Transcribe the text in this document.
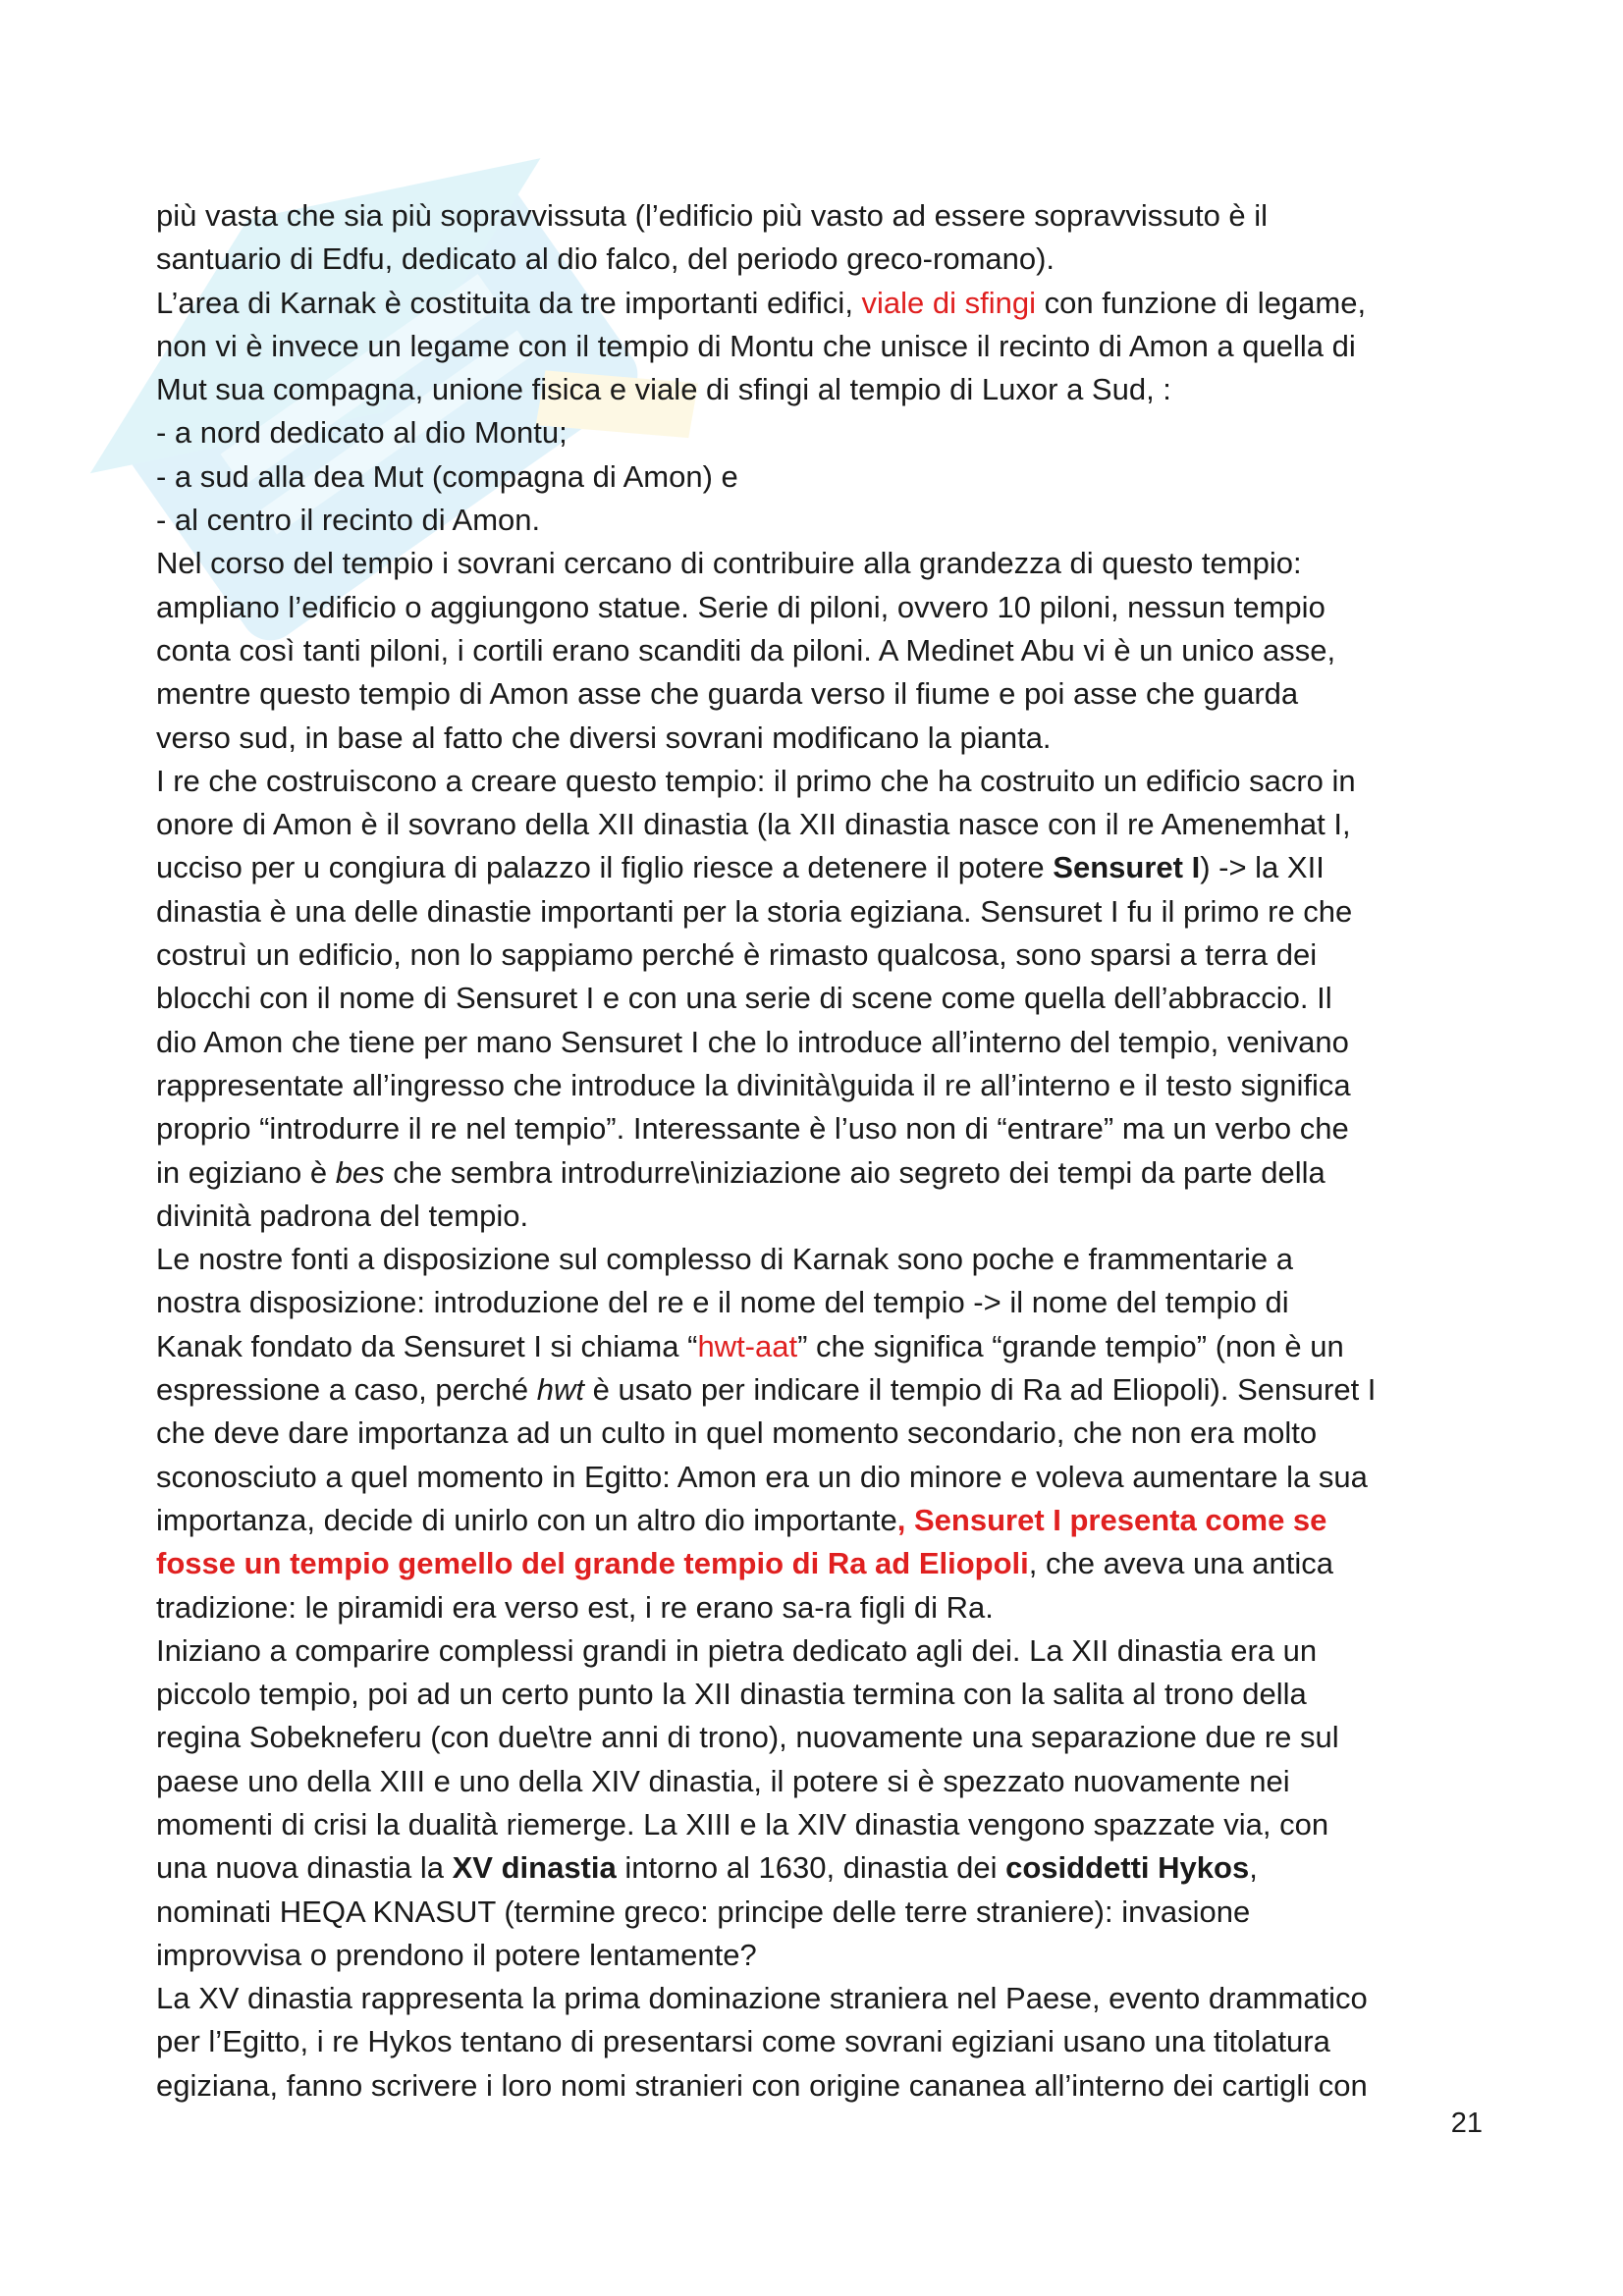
più vasta che sia più sopravvissuta (l’edificio più vasto ad essere sopravvissuto è il
santuario di Edfu, dedicato al dio falco, del periodo greco-romano).
L’area di Karnak è costituita da tre importanti edifici, viale di sfingi con funzione di legame,
non vi è invece un legame con il tempio di Montu che unisce il recinto di Amon a quella di
Mut sua compagna, unione fisica e viale di sfingi al tempio di Luxor a Sud, :
- a nord dedicato al dio Montu;
- a sud alla dea Mut (compagna di Amon) e
- al centro il recinto di Amon.
Nel corso del tempio i sovrani cercano di contribuire alla grandezza di questo tempio:
ampliano l’edificio o aggiungono statue. Serie di piloni, ovvero 10 piloni, nessun tempio
conta così tanti piloni, i cortili erano scanditi da piloni. A Medinet Abu vi è un unico asse,
mentre questo tempio di Amon asse che guarda verso il fiume e poi asse che guarda
verso sud, in base al fatto che diversi sovrani modificano la pianta.
I re che costruiscono a creare questo tempio: il primo che ha costruito un edificio sacro in
onore di Amon è il sovrano della XII dinastia (la XII dinastia nasce con il re Amenemhat I,
ucciso per u congiura di palazzo il figlio riesce a detenere il potere Sensuret I) -> la XII
dinastia è una delle dinastie importanti per la storia egiziana. Sensuret I fu il primo re che
costruì un edificio, non lo sappiamo perché è rimasto qualcosa, sono sparsi a terra dei
blocchi con il nome di Sensuret I e con una serie di scene come quella dell’abbraccio. Il
dio Amon che tiene per mano Sensuret I che lo introduce all’interno del tempio, venivano
rappresentate all’ingresso che introduce la divinità\guida il re all’interno e il testo significa
proprio “introdurre il re nel tempio”. Interessante è l’uso non di “entrare” ma un verbo che
in egiziano è bes che sembra introdurre\iniziazione aio segreto dei tempi da parte della
divinità padrona del tempio.
Le nostre fonti a disposizione sul complesso di Karnak sono poche e frammentarie a
nostra disposizione: introduzione del re e il nome del tempio -> il nome del tempio di
Kanak fondato da Sensuret I si chiama “hwt-aat” che significa “grande tempio” (non è un
espressione a caso, perché hwt è usato per indicare il tempio di Ra ad Eliopoli). Sensuret I
che deve dare importanza ad un culto in quel momento secondario, che non era molto
sconosciuto a quel momento in Egitto: Amon era un dio minore e voleva aumentare la sua
importanza, decide di unirlo con un altro dio importante, Sensuret I presenta come se
fosse un tempio gemello del grande tempio di Ra ad Eliopoli, che aveva una antica
tradizione: le piramidi era verso est, i re erano sa-ra figli di Ra.
Iniziano a comparire complessi grandi in pietra dedicato agli dei. La XII dinastia era un
piccolo tempio, poi ad un certo punto la XII dinastia termina con la salita al trono della
regina Sobekneferu (con due\tre anni di trono), nuovamente una separazione due re sul
paese uno della XIII e uno della XIV dinastia, il potere si è spezzato nuovamente nei
momenti di crisi la dualità riemerge. La XIII e la XIV dinastia vengono spazzate via, con
una nuova dinastia la XV dinastia intorno al 1630, dinastia dei cosiddetti Hykos,
nominati HEQA KNASUT (termine greco: principe delle terre straniere): invasione
improvvisa o prendono il potere lentamente?
La XV dinastia rappresenta la prima dominazione straniera nel Paese, evento drammatico
per l’Egitto, i re Hykos tentano di presentarsi come sovrani egiziani usano una titolatura
egiziana, fanno scrivere i loro nomi stranieri con origine cananea all’interno dei cartigli con
21
